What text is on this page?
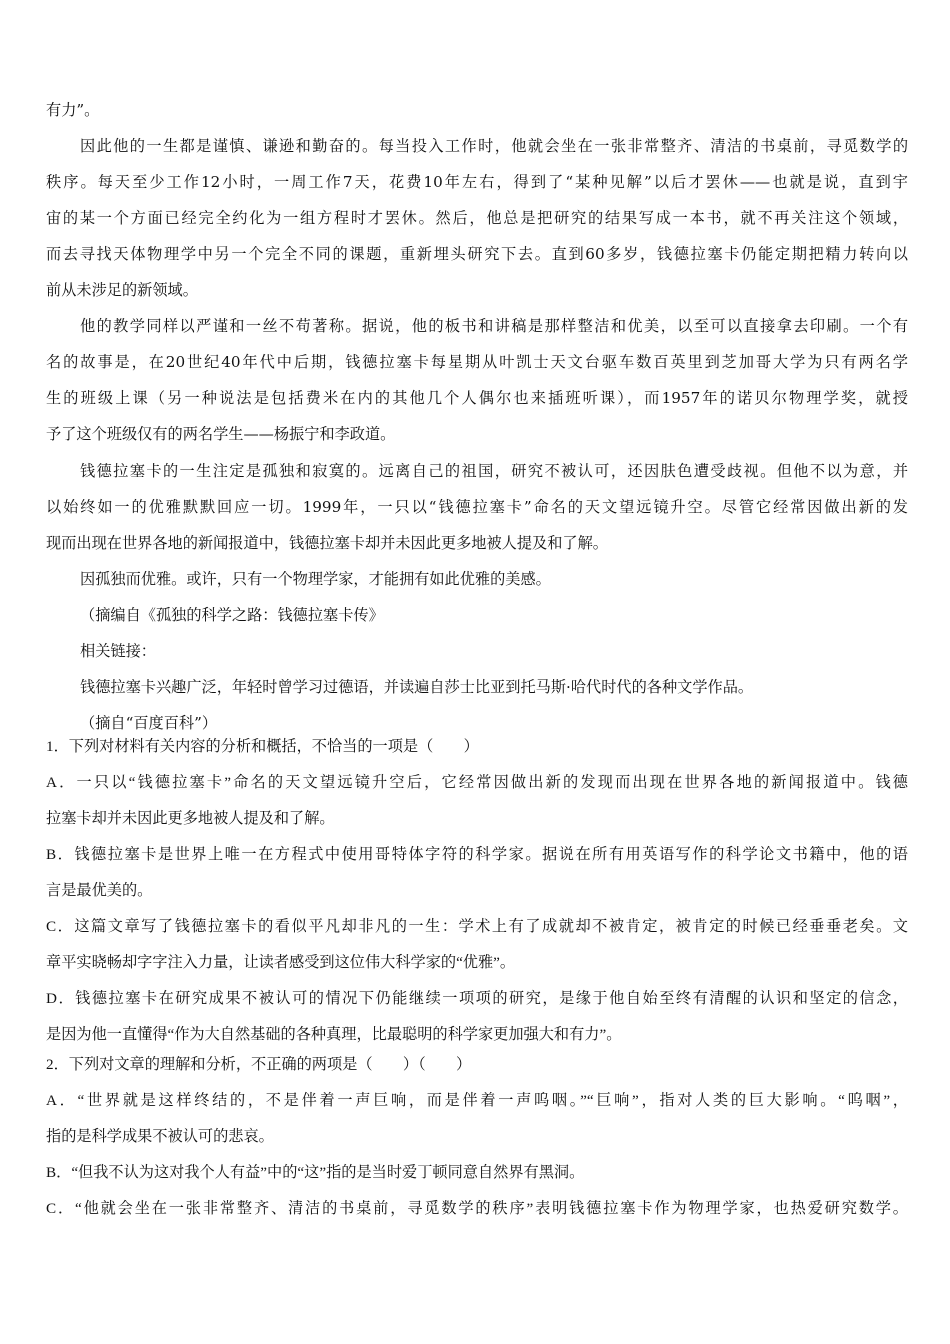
有力”。
因此他的一生都是谨慎、谦逊和勤奋的。每当投入工作时，他就会坐在一张非常整齐、清洁的书桌前，寻觅数学的
秩序。每天至少工作12小时，一周工作7天，花费10年左右，得到了“某种见解”以后才罢休——也就是说，直到宇
宙的某一个方面已经完全约化为一组方程时才罢休。然后，他总是把研究的结果写成一本书，就不再关注这个领域，
而去寻找天体物理学中另一个完全不同的课题，重新埋头研究下去。直到60多岁，钱德拉塞卡仍能定期把精力转向以
前从未涉足的新领域。
他的教学同样以严谨和一丝不苟著称。据说，他的板书和讲稿是那样整洁和优美，以至可以直接拿去印刷。一个有
名的故事是，在20世纪40年代中后期，钱德拉塞卡每星期从叶凯士天文台驱车数百英里到芝加哥大学为只有两名学
生的班级上课（另一种说法是包括费米在内的其他几个人偶尔也来插班听课），而1957年的诺贝尔物理学奖，就授
予了这个班级仅有的两名学生——杨振宁和李政道。
钱德拉塞卡的一生注定是孤独和寂寞的。远离自己的祖国，研究不被认可，还因肤色遭受歧视。但他不以为意，并
以始终如一的优雅默默回应一切。1999年，一只以“钱德拉塞卡”命名的天文望远镜升空。尽管它经常因做出新的发
现而出现在世界各地的新闻报道中，钱德拉塞卡却并未因此更多地被人提及和了解。
因孤独而优雅。或许，只有一个物理学家，才能拥有如此优雅的美感。
（摘编自《孤独的科学之路：钱德拉塞卡传》
相关链接：
钱德拉塞卡兴趣广泛，年轻时曾学习过德语，并读遍自莎士比亚到托马斯·哈代时代的各种文学作品。
（摘自“百度百科”）
1．下列对材料有关内容的分析和概括，不恰当的一项是（　　）
A．一只以“钱德拉塞卡”命名的天文望远镜升空后，它经常因做出新的发现而出现在世界各地的新闻报道中。钱德
拉塞卡却并未因此更多地被人提及和了解。
B．钱德拉塞卡是世界上唯一在方程式中使用哥特体字符的科学家。据说在所有用英语写作的科学论文书籍中，他的语
言是最优美的。
C．这篇文章写了钱德拉塞卡的看似平凡却非凡的一生：学术上有了成就却不被肯定，被肯定的时候已经垂垂老矣。文
章平实晓畅却字字注入力量，让读者感受到这位伟大科学家的“优雅”。
D．钱德拉塞卡在研究成果不被认可的情况下仍能继续一项项的研究，是缘于他自始至终有清醒的认识和坚定的信念，
是因为他一直懂得“作为大自然基础的各种真理，比最聪明的科学家更加强大和有力”。
2．下列对文章的理解和分析，不正确的两项是（　　）（　　）
A．“世界就是这样终结的，不是伴着一声巨响，而是伴着一声呜咽。”“巨响”，指对人类的巨大影响。“呜咽”，
指的是科学成果不被认可的悲哀。
B．“但我不认为这对我个人有益”中的“这”指的是当时爱丁顿同意自然界有黑洞。
C．“他就会坐在一张非常整齐、清洁的书桌前，寻觅数学的秩序”表明钱德拉塞卡作为物理学家，也热爱研究数学。
